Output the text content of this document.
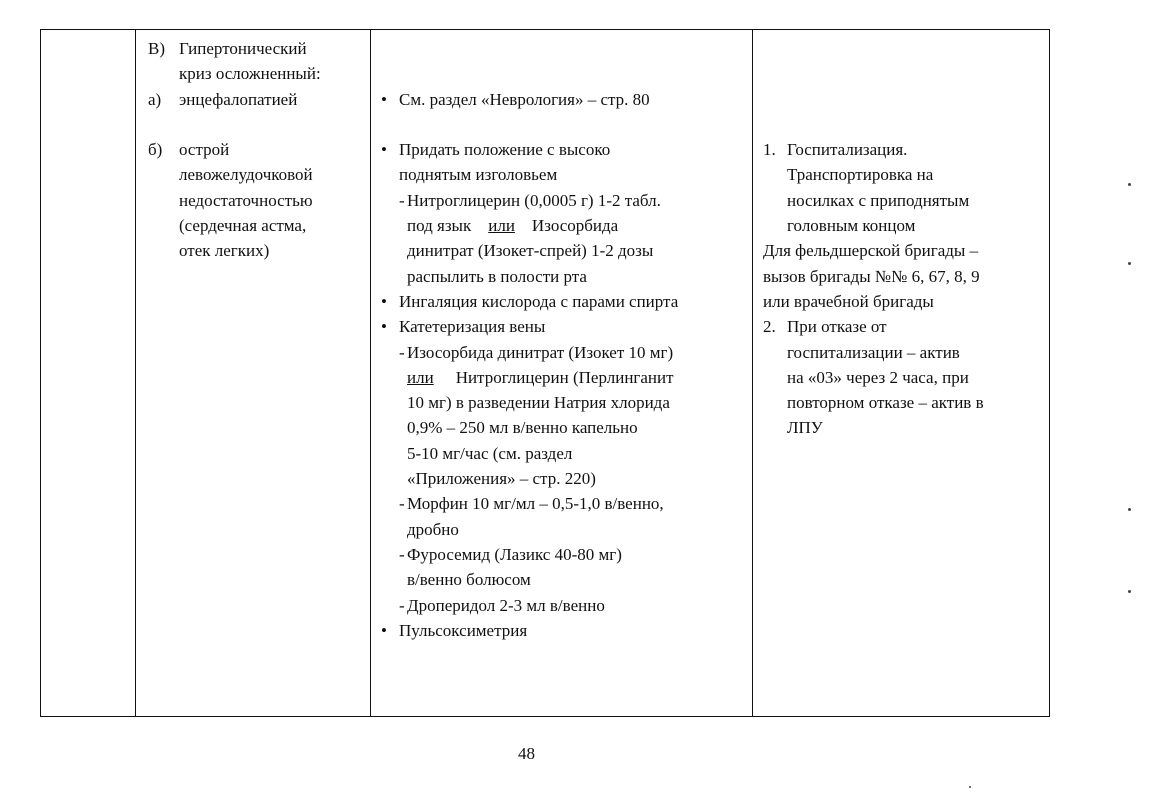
В) Гипертонический
криз осложненный:
а)	энцефалопатией
б) острой
левожелудочковой
недостаточностью
(сердечная астма,
отек легких)
• См. раздел «Неврология» – стр. 80
• Придать положение с высоко
поднятым изголовьем
- Нитроглицерин (0,0005 г) 1-2 табл.
под язык или Изосорбида
динитрат (Изокет-спрей) 1-2 дозы
распылить в полости рта
• Ингаляция кислорода с парами спирта
• Катетеризация вены
- Изосорбида динитрат (Изокет 10 мг)
или Нитроглицерин (Перлинганит
10 мг) в разведении Натрия хлорида
0,9% – 250 мл в/венно капельно
5-10 мг/час (см. раздел
«Приложения» – стр. 220)
- Морфин 10 мг/мл – 0,5-1,0 в/венно,
дробно
- Фуросемид (Лазикс 40-80 мг)
в/венно болюсом
- Дроперидол 2-3 мл в/венно
• Пульсоксиметрия
1. Госпитализация.
Транспортировка на
носилках с приподнятым
головным концом
Для фельдшерской бригады –
вызов бригады №№ 6, 67, 8, 9
или врачебной бригады
2. При отказе от
госпитализации – актив
на «03» через 2 часа, при
повторном отказе – актив в
ЛПУ
48
